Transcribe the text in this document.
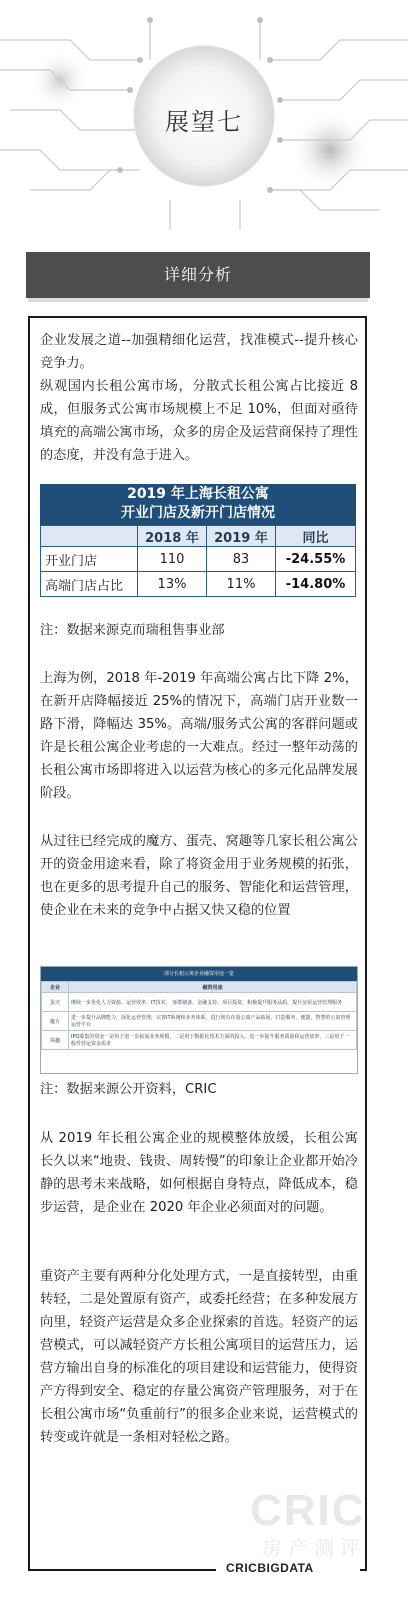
展望七
详细分析
CRICBIGDATA
企业发展之道--加强精细化运营，找准模式--提升核心竞争力。
纵观国内长租公寓市场，分散式长租公寓占比接近 8 成，但服务式公寓市场规模上不足 10%，但面对亟待填充的高端公寓市场，众多的房企及运营商保持了理性的态度，并没有急于进入。
2019 年上海长租公寓
开业门店及新开门店情况
	2018 年	2019 年	同比
开业门店	110	83	-24.55%
高端门店占比	13%	11%	-14.80%
注：数据来源克而瑞租售事业部
上海为例，2018 年-2019 年高端公寓占比下降 2%，在新开店降幅接近 25%的情况下，高端门店开业数一路下滑，降幅达 35%。高端/服务式公寓的客群问题或许是长租公寓企业考虑的一大难点。经过一整年动荡的长租公寓市场即将进入以运营为核心的多元化品牌发展阶段。
从过往已经完成的魔方、蛋壳、窝趣等几家长租公寓公开的资金用途来看，除了将资金用于业务规模的拓张，也在更多的思考提升自己的服务、智能化和运营管理，使企业在未来的竞争中占据又快又稳的位置
部分长租公寓企业融资用途一览
企业	融资用途
蛋壳	继续一步优化人力资源、运营效率、IT技术、 客群储备、金融支持、项目投资，积极提升服务品质，提升房屋运营管理服务
魔方	进一步提升品牌能力，深化运营管理，完善IT系统和业务体系，进行现有存量公寓产品拓展，打造服务、便捷、智慧的公寓管理运营平台
窝趣	IPO募集的资金一是用于进一步拓展业务规模，二是用于数据化技术方面的投入，进一步提升服务质量和运营效率，三是用于一般性营运资金需求
注：数据来源公开资料，CRIC
从 2019 年长租公寓企业的规模整体放缓，长租公寓长久以来“地贵、钱贵、周转慢”的印象让企业都开始冷静的思考未来战略，如何根据自身特点，降低成本，稳步运营，是企业在 2020 年企业必须面对的问题。
重资产主要有两种分化处理方式，一是直接转型，由重转轻，二是处置原有资产，或委托经营；在多种发展方向里，轻资产运营是众多企业探索的首选。轻资产的运营模式，可以减轻资产方长租公寓项目的运营压力，运营方输出自身的标准化的项目建设和运营能力，使得资产方得到安全、稳定的存量公寓资产管理服务，对于在长租公寓市场“负重前行”的很多企业来说，运营模式的转变或许就是一条相对轻松之路。
CRIC
房产测评
